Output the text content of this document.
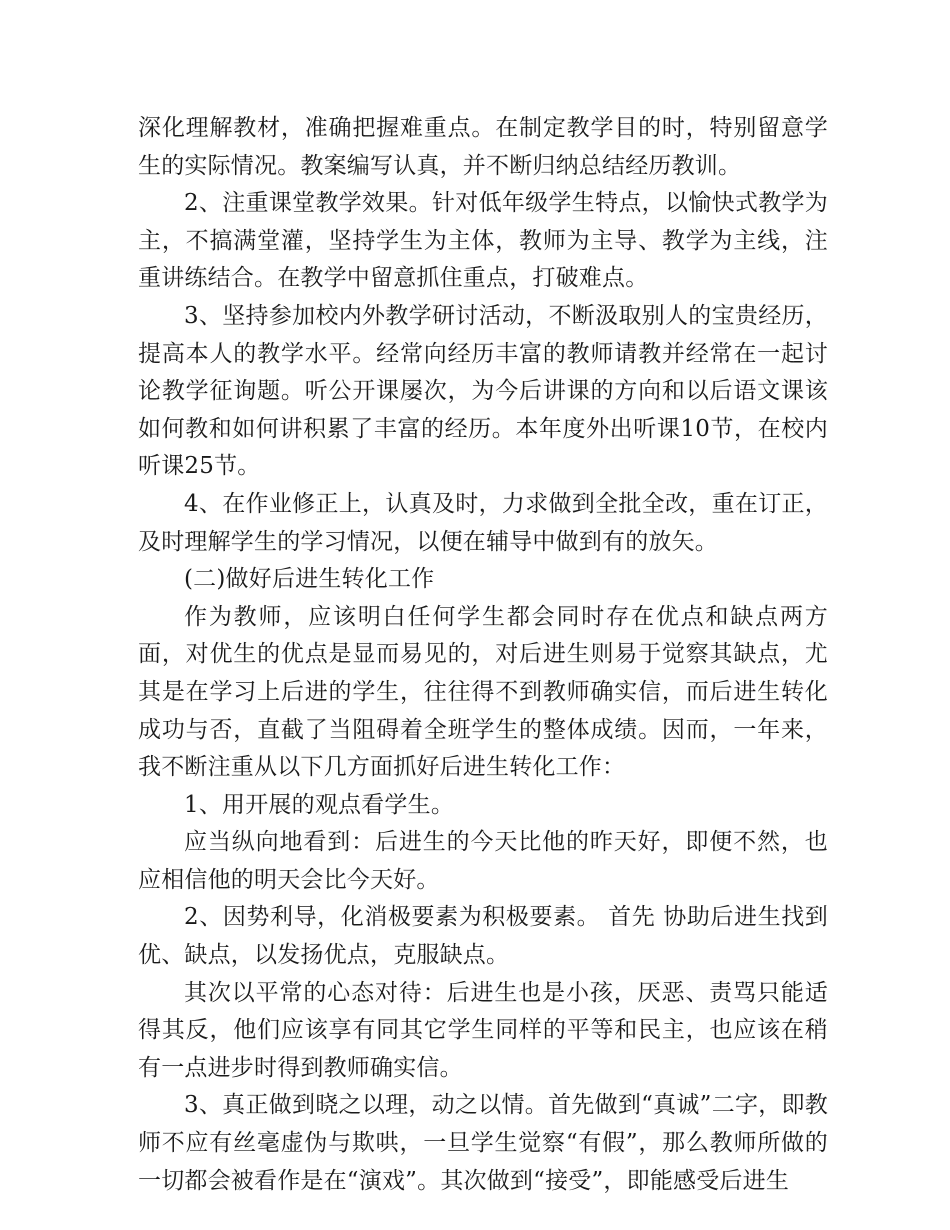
深化理解教材，准确把握难重点。在制定教学目的时，特别留意学生的实际情况。教案编写认真，并不断归纳总结经历教训。

2、注重课堂教学效果。针对低年级学生特点，以愉快式教学为主，不搞满堂灌，坚持学生为主体，教师为主导、教学为主线，注重讲练结合。在教学中留意抓住重点，打破难点。

3、坚持参加校内外教学研讨活动，不断汲取别人的宝贵经历，提高本人的教学水平。经常向经历丰富的教师请教并经常在一起讨论教学征询题。听公开课屡次，为今后讲课的方向和以后语文课该如何教和如何讲积累了丰富的经历。本年度外出听课10节，在校内听课25节。

4、在作业修正上，认真及时，力求做到全批全改，重在订正，及时理解学生的学习情况，以便在辅导中做到有的放矢。

(二)做好后进生转化工作

作为教师，应该明白任何学生都会同时存在优点和缺点两方面，对优生的优点是显而易见的，对后进生则易于觉察其缺点，尤其是在学习上后进的学生，往往得不到教师确实信，而后进生转化成功与否，直截了当阻碍着全班学生的整体成绩。因而，一年来，我不断注重从以下几方面抓好后进生转化工作：

1、用开展的观点看学生。

应当纵向地看到：后进生的今天比他的昨天好，即便不然，也应相信他的明天会比今天好。

2、因势利导，化消极要素为积极要素。 首先 协助后进生找到优、缺点，以发扬优点，克服缺点。

其次以平常的心态对待：后进生也是小孩，厌恶、责骂只能适得其反，他们应该享有同其它学生同样的平等和民主，也应该在稍有一点进步时得到教师确实信。

3、真正做到晓之以理，动之以情。首先做到“真诚”二字，即教师不应有丝毫虚伪与欺哄，一旦学生觉察“有假”，那么教师所做的一切都会被看作是在“演戏”。其次做到“接受”，即能感受后进生
